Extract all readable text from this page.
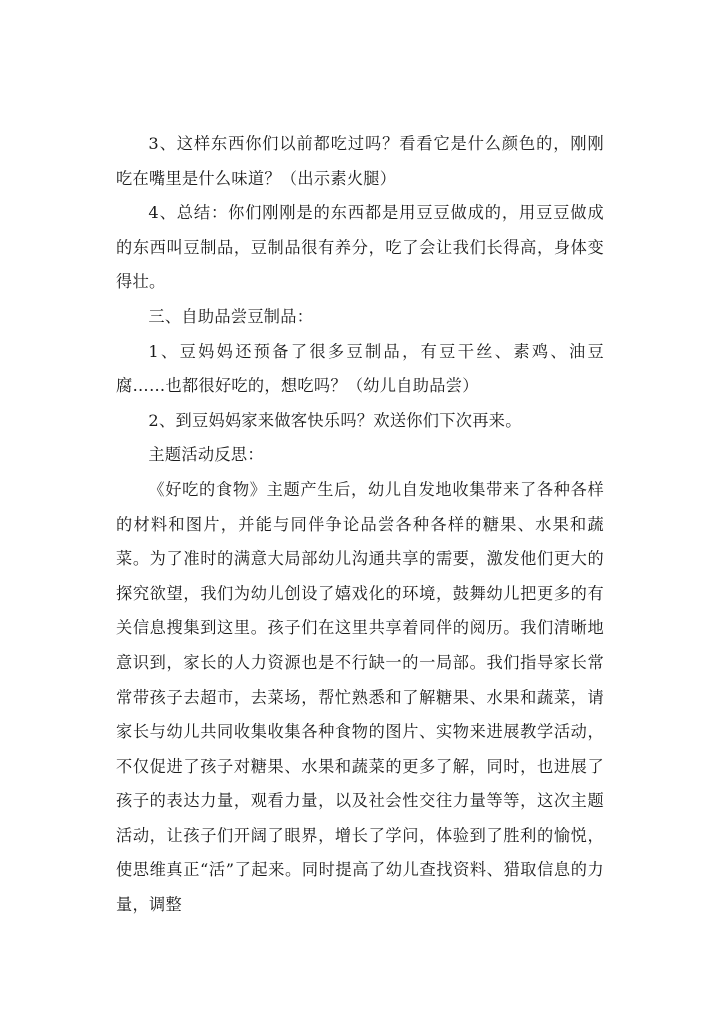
3、这样东西你们以前都吃过吗？看看它是什么颜色的，刚刚吃在嘴里是什么味道？（出示素火腿）

4、总结：你们刚刚是的东西都是用豆豆做成的，用豆豆做成的东西叫豆制品，豆制品很有养分，吃了会让我们长得高，身体变得壮。

三、自助品尝豆制品：

1、豆妈妈还预备了很多豆制品，有豆干丝、素鸡、油豆腐……也都很好吃的，想吃吗？（幼儿自助品尝）

2、到豆妈妈家来做客快乐吗？欢送你们下次再来。

主题活动反思：

《好吃的食物》主题产生后，幼儿自发地收集带来了各种各样的材料和图片，并能与同伴争论品尝各种各样的糖果、水果和蔬菜。为了准时的满意大局部幼儿沟通共享的需要，激发他们更大的探究欲望，我们为幼儿创设了嬉戏化的环境，鼓舞幼儿把更多的有关信息搜集到这里。孩子们在这里共享着同伴的阅历。我们清晰地意识到，家长的人力资源也是不行缺一的一局部。我们指导家长常常带孩子去超市，去菜场，帮忙熟悉和了解糖果、水果和蔬菜，请家长与幼儿共同收集收集各种食物的图片、实物来进展教学活动，不仅促进了孩子对糖果、水果和蔬菜的更多了解，同时，也进展了孩子的表达力量，观看力量，以及社会性交往力量等等，这次主题活动，让孩子们开阔了眼界，增长了学问，体验到了胜利的愉悦，使思维真正“活”了起来。同时提高了幼儿查找资料、猎取信息的力量，调整
